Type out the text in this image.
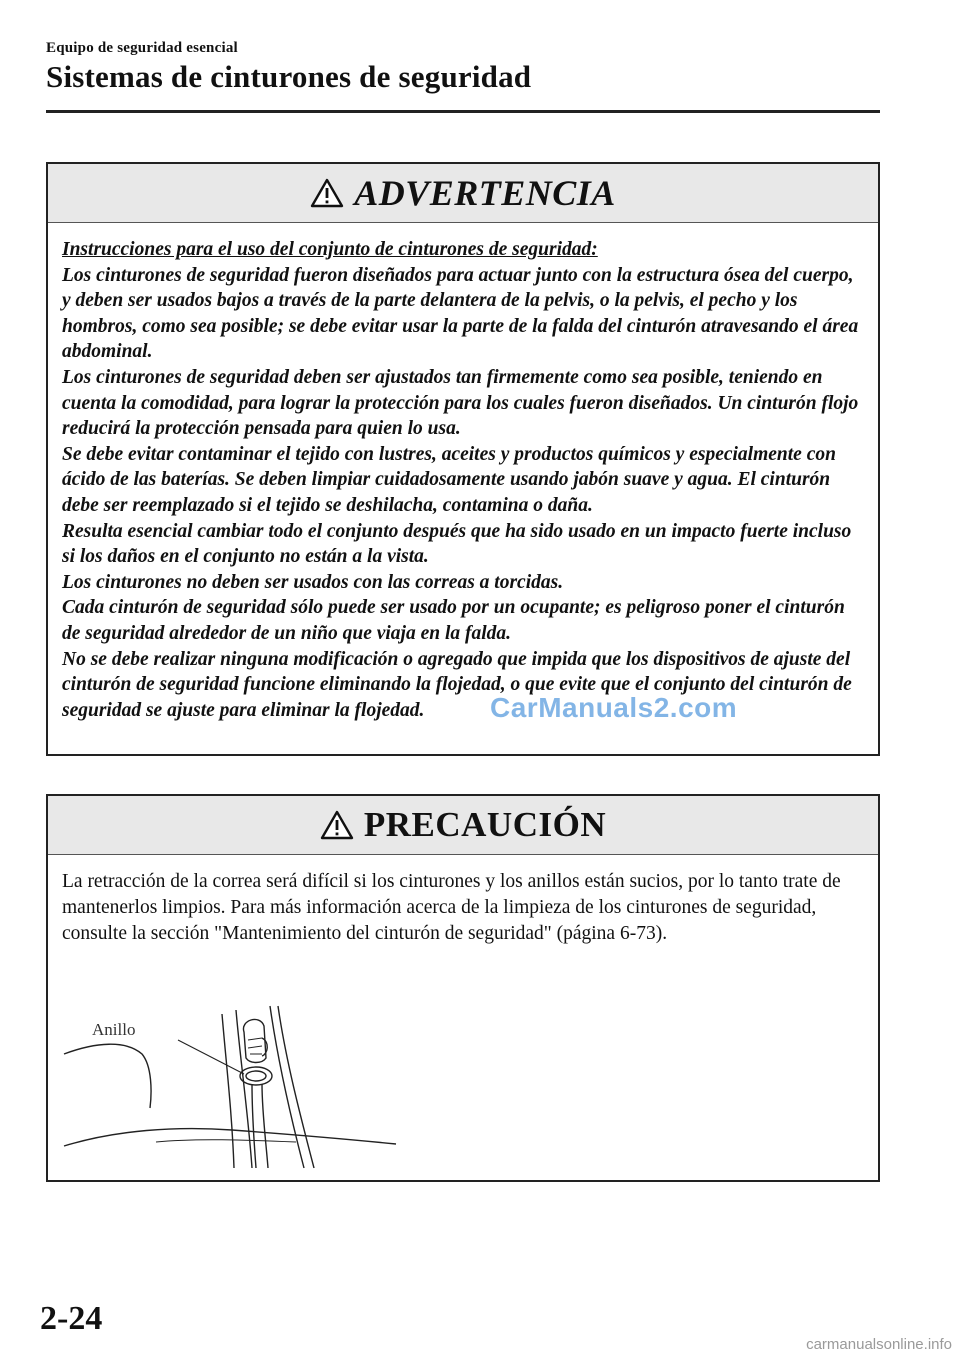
Equipo de seguridad esencial
Sistemas de cinturones de seguridad
ADVERTENCIA

Instrucciones para el uso del conjunto de cinturones de seguridad:

Los cinturones de seguridad fueron diseñados para actuar junto con la estructura ósea del cuerpo, y deben ser usados bajos a través de la parte delantera de la pelvis, o la pelvis, el pecho y los hombros, como sea posible; se debe evitar usar la parte de la falda del cinturón atravesando el área abdominal.

Los cinturones de seguridad deben ser ajustados tan firmemente como sea posible, teniendo en cuenta la comodidad, para lograr la protección para los cuales fueron diseñados. Un cinturón flojo reducirá la protección pensada para quien lo usa.

Se debe evitar contaminar el tejido con lustres, aceites y productos químicos y especialmente con ácido de las baterías. Se deben limpiar cuidadosamente usando jabón suave y agua. El cinturón debe ser reemplazado si el tejido se deshilacha, contamina o daña.

Resulta esencial cambiar todo el conjunto después que ha sido usado en un impacto fuerte incluso si los daños en el conjunto no están a la vista.

Los cinturones no deben ser usados con las correas a torcidas.

Cada cinturón de seguridad sólo puede ser usado por un ocupante; es peligroso poner el cinturón de seguridad alrededor de un niño que viaja en la falda.

No se debe realizar ninguna modificación o agregado que impida que los dispositivos de ajuste del cinturón de seguridad funcione eliminando la flojedad, o que evite que el conjunto del cinturón de seguridad se ajuste para eliminar la flojedad.

PRECAUCIÓN
La retracción de la correa será difícil si los cinturones y los anillos están sucios, por lo tanto trate de mantenerlos limpios. Para más información acerca de la limpieza de los cinturones de seguridad, consulte la sección "Mantenimiento del cinturón de seguridad" (página 6-73).
Anillo
CarManuals2.com
2-24
carmanualsonline.info
